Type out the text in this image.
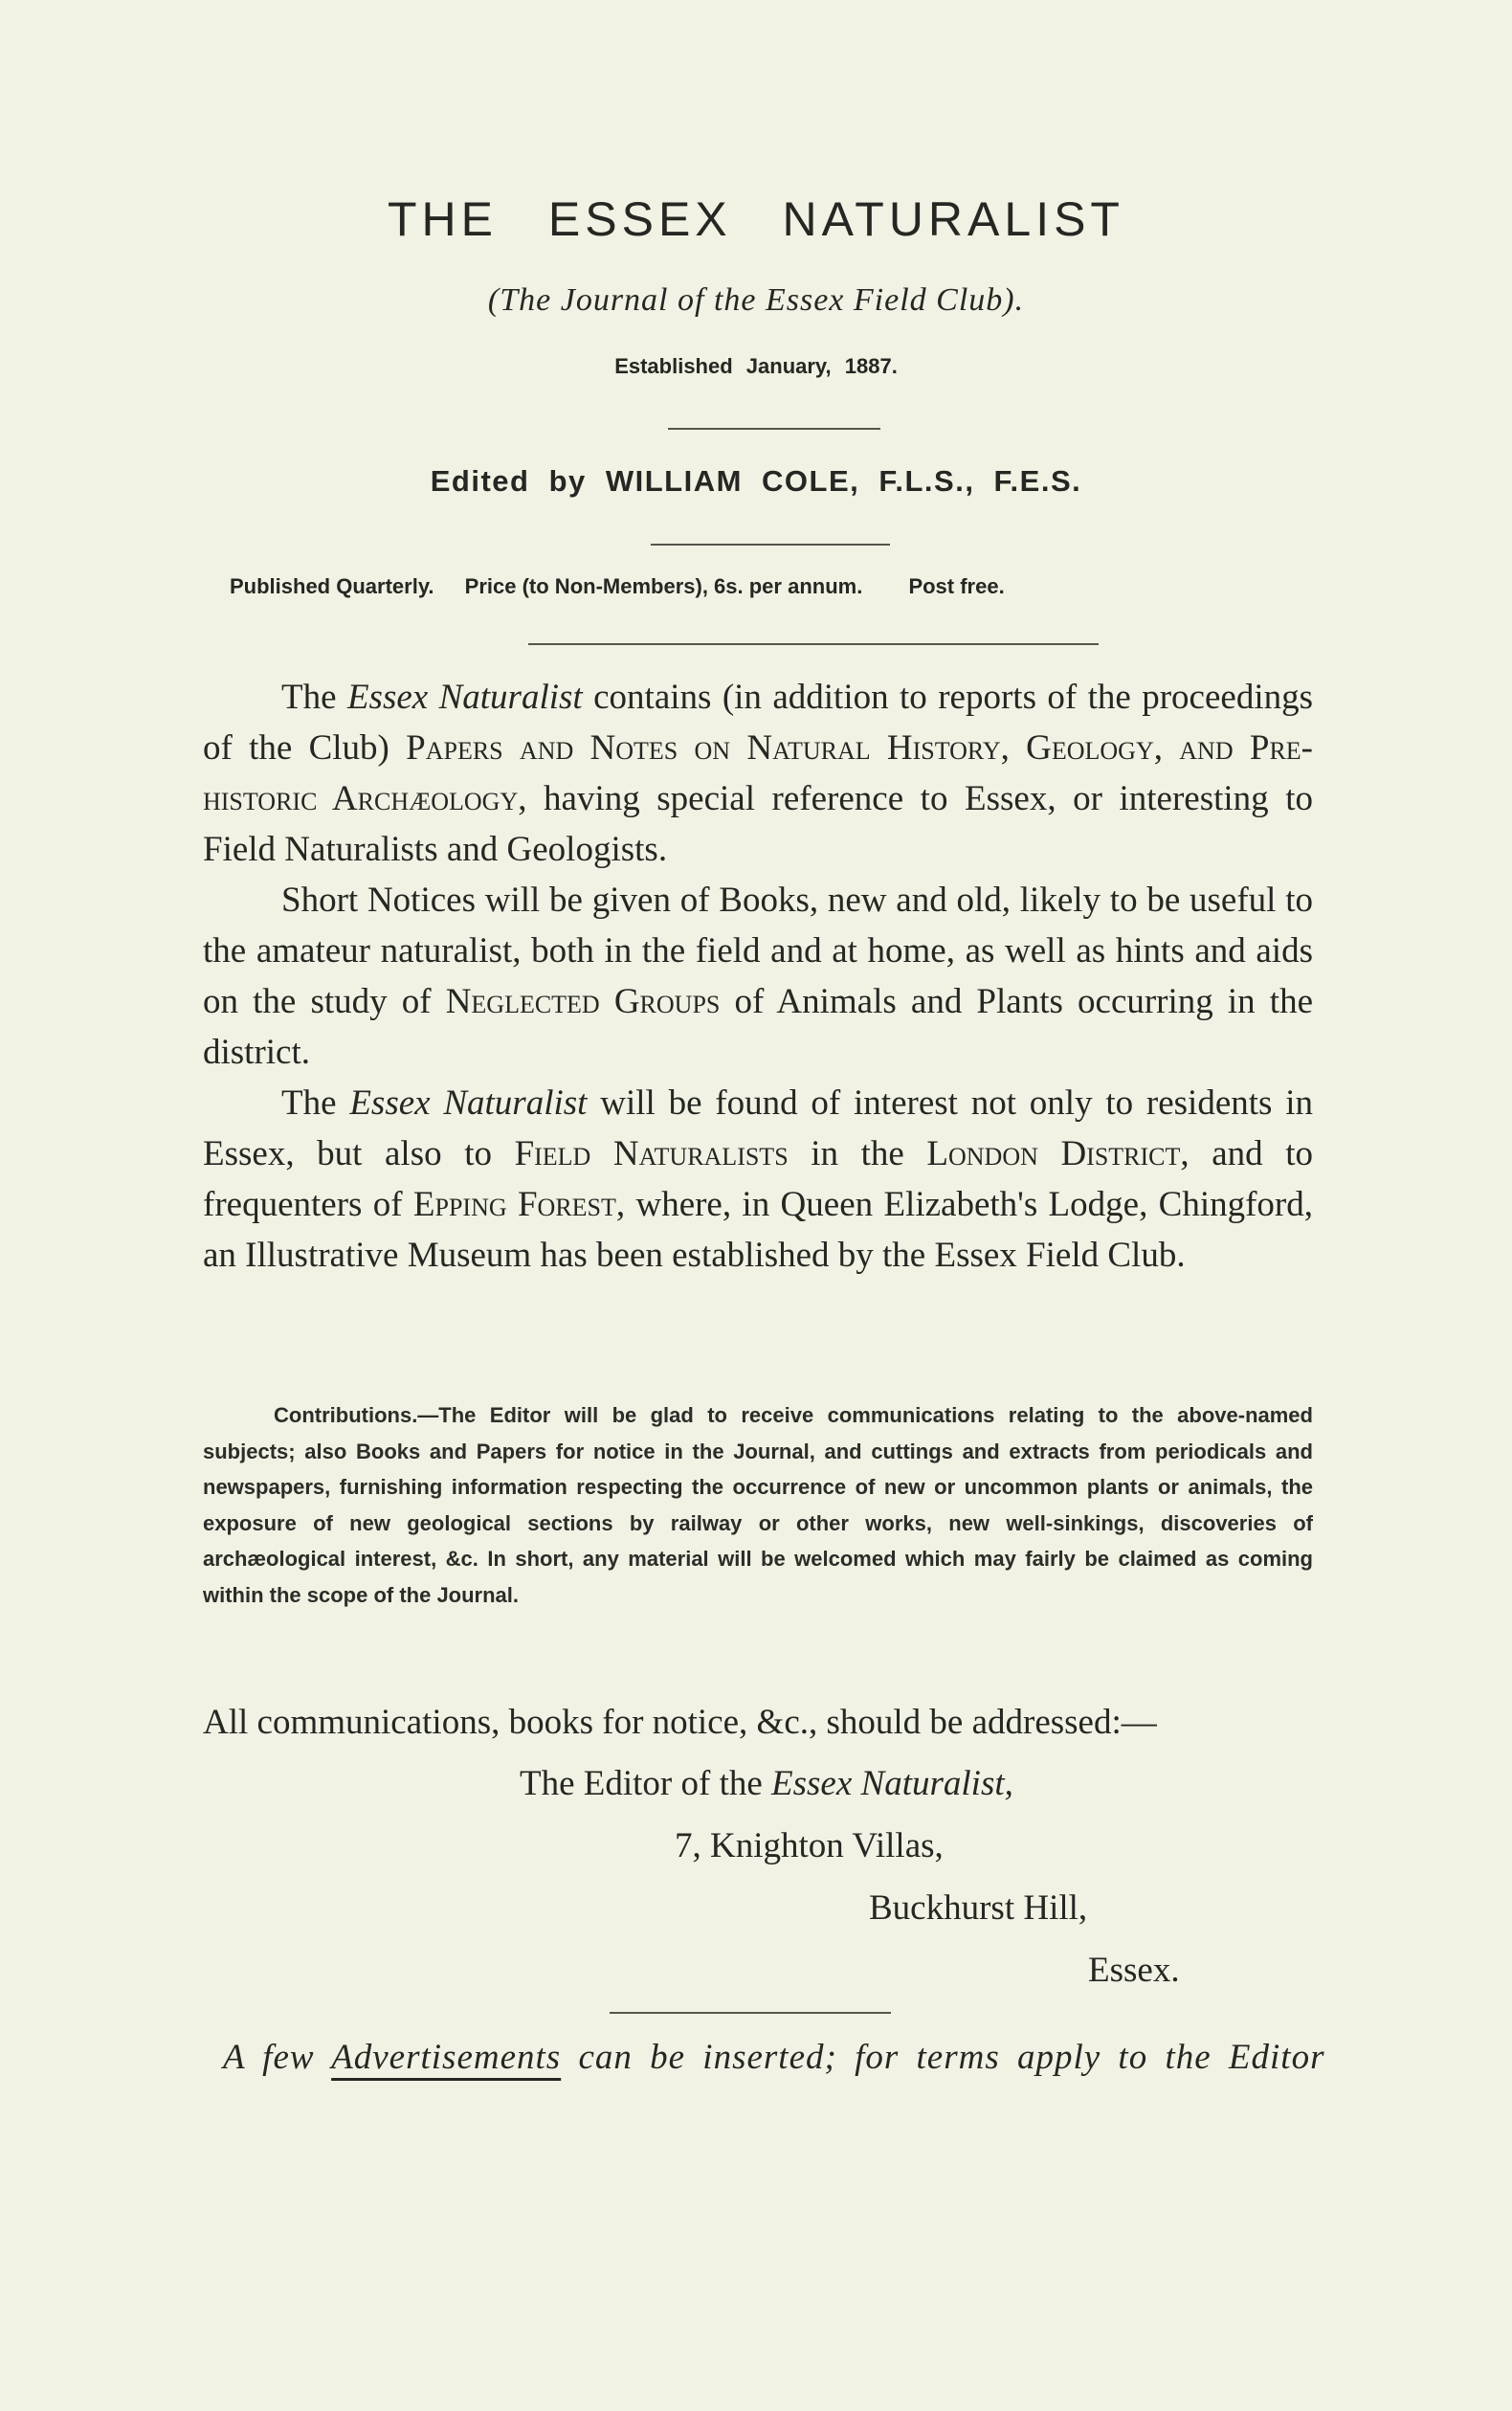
THE ESSEX NATURALIST
(The Journal of the Essex Field Club).
Established January, 1887.
Edited by WILLIAM COLE, F.L.S., F.E.S.
Published Quarterly. Price (to Non-Members), 6s. per annum. Post free.

The Essex Naturalist contains (in addition to reports of the proceedings of the Club) Papers and Notes on Natural History, Geology, and Pre-historic Archæology, having special reference to Essex, or interesting to Field Naturalists and Geologists.

Short Notices will be given of Books, new and old, likely to be useful to the amateur naturalist, both in the field and at home, as well as hints and aids on the study of Neglected Groups of Animals and Plants occurring in the district.

The Essex Naturalist will be found of interest not only to residents in Essex, but also to Field Naturalists in the London District, and to frequenters of Epping Forest, where, in Queen Elizabeth's Lodge, Chingford, an Illustrative Museum has been established by the Essex Field Club.

Contributions.—The Editor will be glad to receive communications relating to the above-named subjects; also Books and Papers for notice in the Journal, and cuttings and extracts from periodicals and newspapers, furnishing information respecting the occurrence of new or uncommon plants or animals, the exposure of new geological sections by railway or other works, new well-sinkings, discoveries of archæological interest, &c. In short, any material will be welcomed which may fairly be claimed as coming within the scope of the Journal.
All communications, books for notice, &c., should be addressed:—
The Editor of the Essex Naturalist,
7, Knighton Villas,
Buckhurst Hill,
Essex.
A few Advertisements can be inserted; for terms apply to the Editor
